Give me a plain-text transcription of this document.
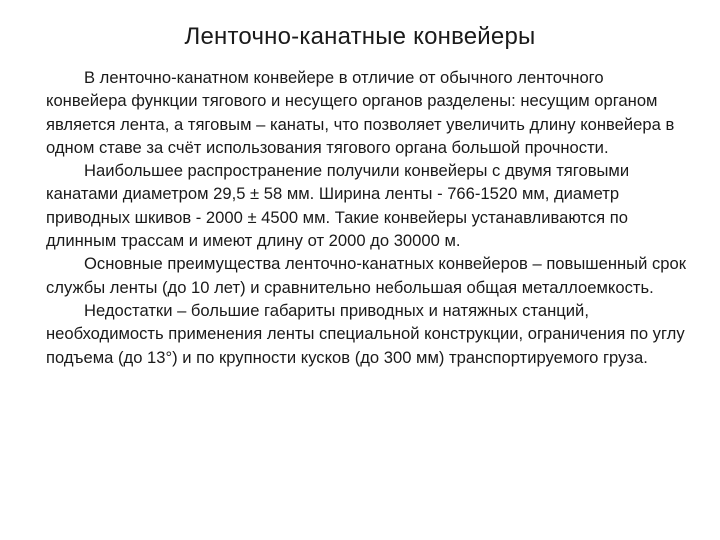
Ленточно-канатные конвейеры

В ленточно-канатном конвейере в отличие от обычного ленточного конвейера функции тягового и несущего органов разделены: несущим органом является лента, а тяговым – канаты, что позволяет увеличить длину конвейера в одном ставе за счёт использования тягового органа большой прочности.

Наибольшее распространение получили конвейеры с двумя тяговыми канатами диаметром 29,5 ± 58 мм. Ширина ленты - 766-1520 мм, диаметр приводных шкивов - 2000 ± 4500 мм. Такие конвейеры устанавливаются по длинным трассам и имеют длину от 2000 до 30000 м.

Основные преимущества ленточно-канатных конвейеров – повышенный срок службы ленты (до 10 лет) и сравнительно небольшая общая металлоемкость.

Недостатки – большие габариты приводных и натяжных станций, необходимость применения ленты специальной конструкции, ограничения по углу подъема (до 13°) и по крупности кусков (до 300 мм) транспортируемого груза.
